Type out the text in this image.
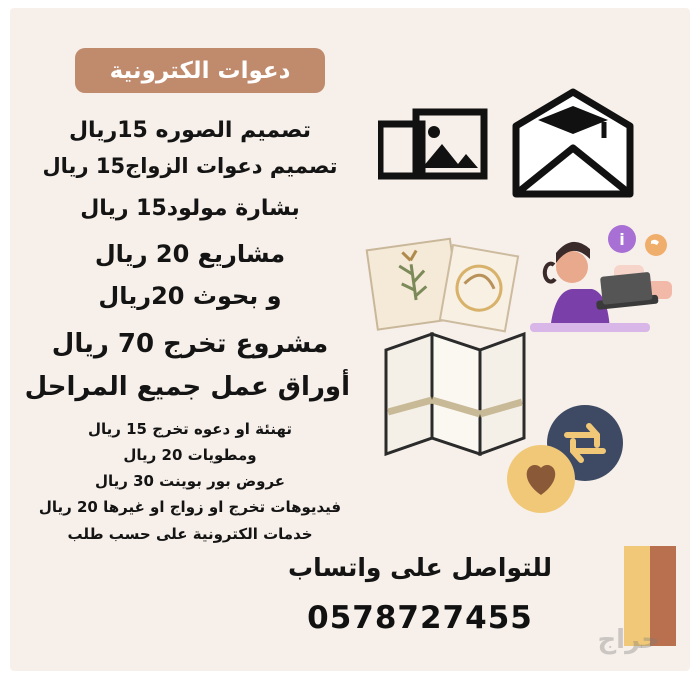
دعوات الكترونية
تصميم الصوره 15ريال
تصميم دعوات الزواج15 ريال
بشارة مولود15 ريال
مشاريع 20 ريال
و بحوث 20ريال
مشروع تخرج 70 ريال
أوراق عمل جميع المراحل
تهنئة او دعوه تخرج 15 ريال
ومطويات 20 ريال
عروض بور بوينت 30 ريال
فيديوهات تخرج او زواج او غيرها 20 ريال
خدمات الكترونية على حسب طلب
i
للتواصل على واتساب
0578727455
حراج
